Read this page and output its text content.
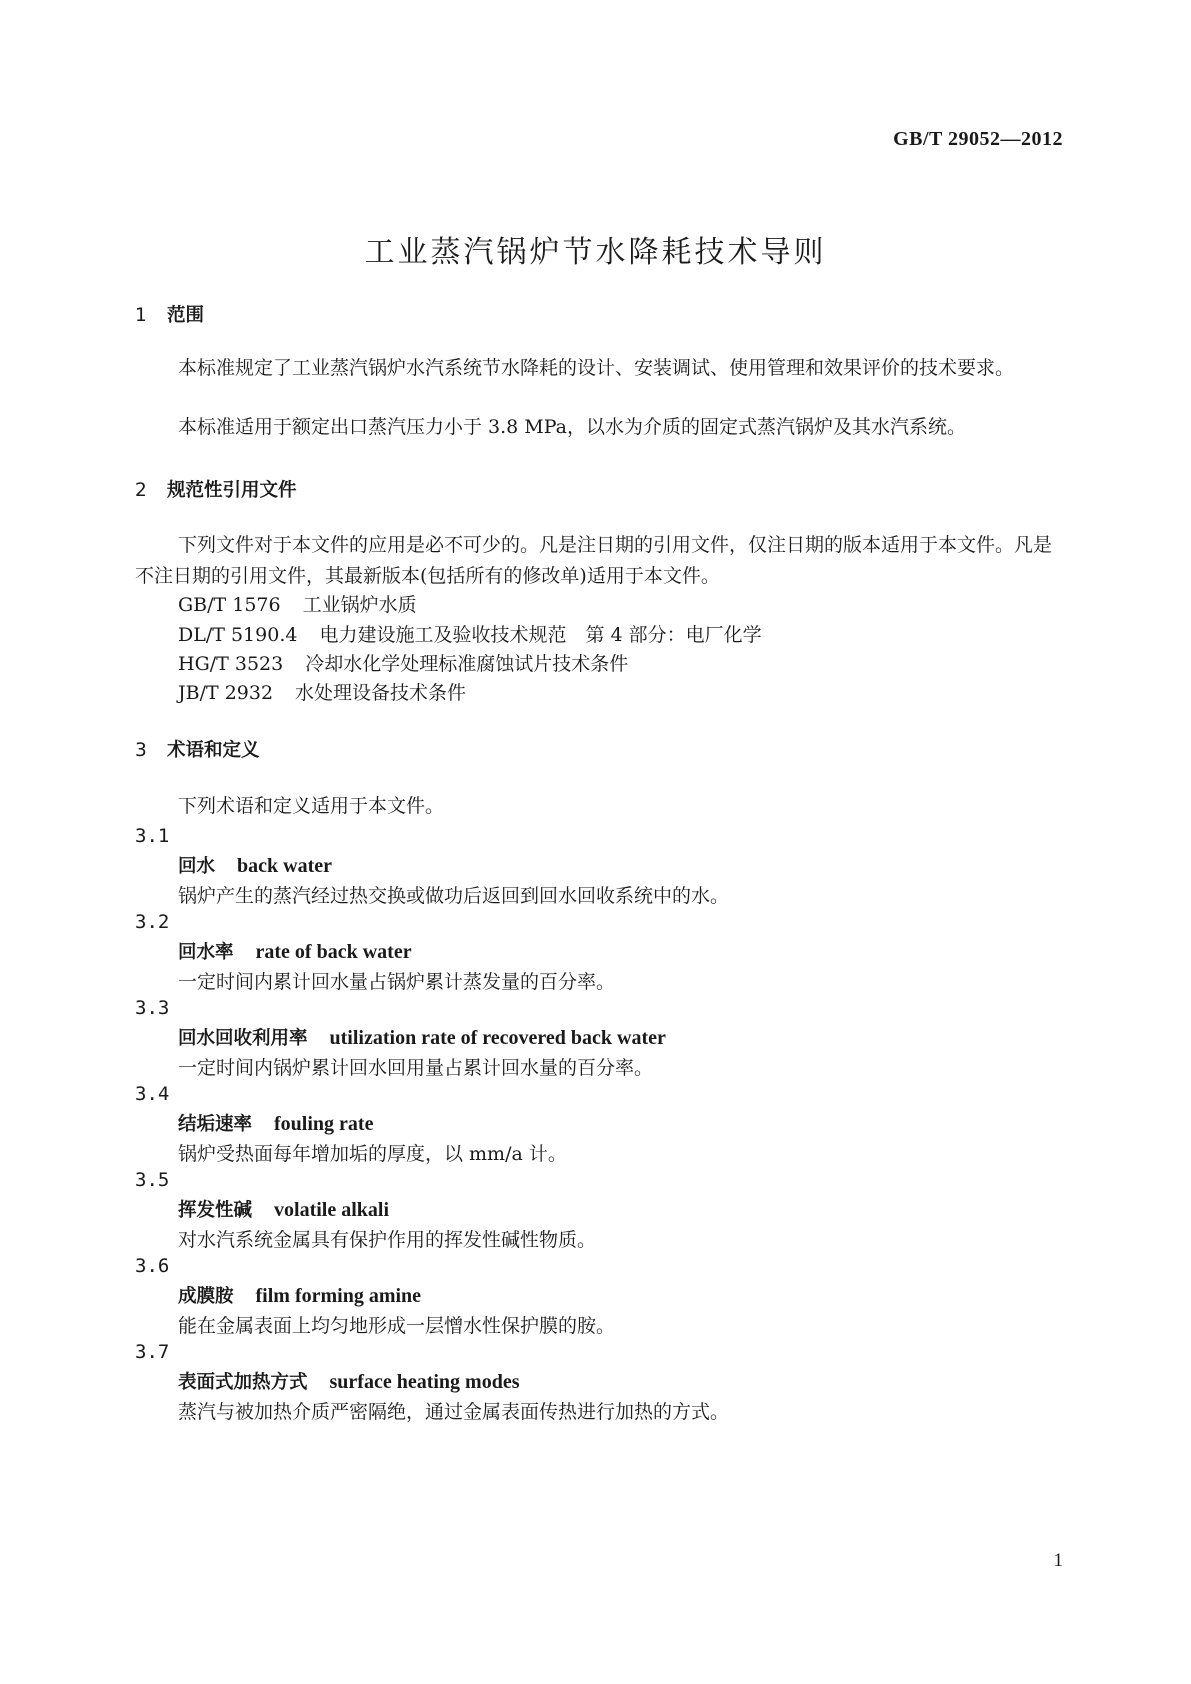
GB/T 29052—2012
工业蒸汽锅炉节水降耗技术导则
1 范围
本标准规定了工业蒸汽锅炉水汽系统节水降耗的设计、安装调试、使用管理和效果评价的技术要求。
本标准适用于额定出口蒸汽压力小于 3.8 MPa，以水为介质的固定式蒸汽锅炉及其水汽系统。
2 规范性引用文件
下列文件对于本文件的应用是必不可少的。凡是注日期的引用文件，仅注日期的版本适用于本文件。凡是不注日期的引用文件，其最新版本(包括所有的修改单)适用于本文件。
GB/T 1576 工业锅炉水质
DL/T 5190.4 电力建设施工及验收技术规范　第 4 部分：电厂化学
HG/T 3523 冷却水化学处理标准腐蚀试片技术条件
JB/T 2932 水处理设备技术条件
3 术语和定义
下列术语和定义适用于本文件。
3.1
回水 back water
锅炉产生的蒸汽经过热交换或做功后返回到回水回收系统中的水。
3.2
回水率 rate of back water
一定时间内累计回水量占锅炉累计蒸发量的百分率。
3.3
回水回收利用率 utilization rate of recovered back water
一定时间内锅炉累计回水回用量占累计回水量的百分率。
3.4
结垢速率 fouling rate
锅炉受热面每年增加垢的厚度，以 mm/a 计。
3.5
挥发性碱 volatile alkali
对水汽系统金属具有保护作用的挥发性碱性物质。
3.6
成膜胺 film forming amine
能在金属表面上均匀地形成一层憎水性保护膜的胺。
3.7
表面式加热方式 surface heating modes
蒸汽与被加热介质严密隔绝，通过金属表面传热进行加热的方式。
1
